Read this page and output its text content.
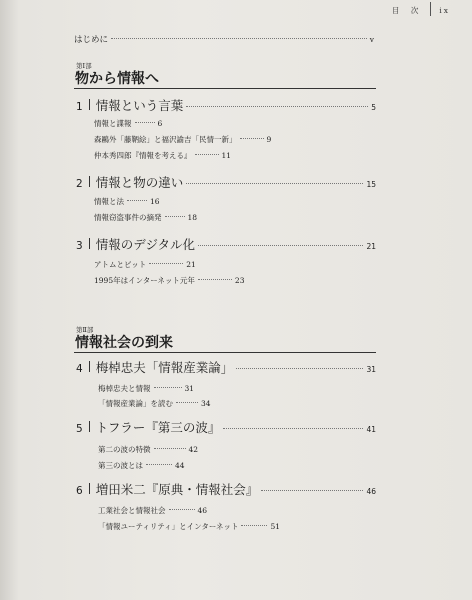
目　次	ix
はじめに	v
第Ⅰ部
物から情報へ
1 情報という言葉	5
情報と諜報	6
森鷗外「藤鞆絵」と福沢諭吉「民情一新」	9
仲本秀四郎『情報を考える』	11
2 情報と物の違い	15
情報と法	16
情報窃盗事件の摘発	18
3 情報のデジタル化	21
アトムとビット	21
1995年はインターネット元年	23
第Ⅱ部
情報社会の到来
4 梅棹忠夫「情報産業論」	31
梅棹忠夫と情報	31
「情報産業論」を読む	34
5 トフラー『第三の波』	41
第二の波の特徴	42
第三の波とは	44
6 増田米二『原典・情報社会』	46
工業社会と情報社会	46
「情報ユーティリティ」とインターネット	51
